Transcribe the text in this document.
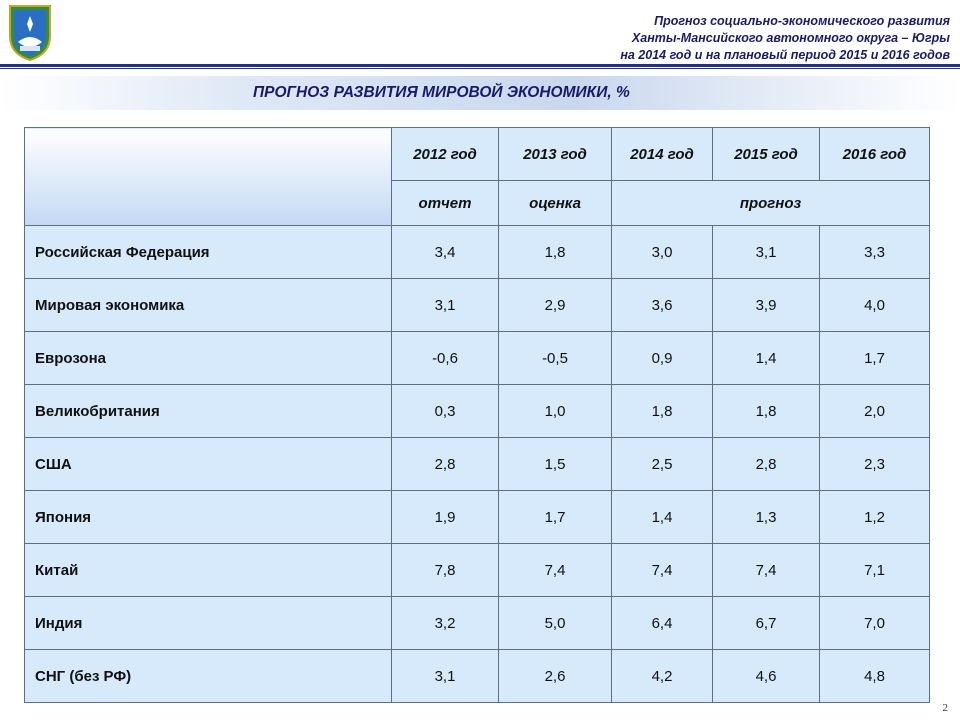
Прогноз социально-экономического развития
Ханты-Мансийского автономного округа – Югры
на 2014 год и на плановый период 2015 и 2016 годов
ПРОГНОЗ РАЗВИТИЯ МИРОВОЙ ЭКОНОМИКИ, %
	2012 год	2013 год	2014 год	2015 год	2016 год
	отчет	оценка	прогноз		
Российская Федерация	3,4	1,8	3,0	3,1	3,3
Мировая экономика	3,1	2,9	3,6	3,9	4,0
Еврозона	-0,6	-0,5	0,9	1,4	1,7
Великобритания	0,3	1,0	1,8	1,8	2,0
США	2,8	1,5	2,5	2,8	2,3
Япония	1,9	1,7	1,4	1,3	1,2
Китай	7,8	7,4	7,4	7,4	7,1
Индия	3,2	5,0	6,4	6,7	7,0
СНГ (без РФ)	3,1	2,6	4,2	4,6	4,8
2
